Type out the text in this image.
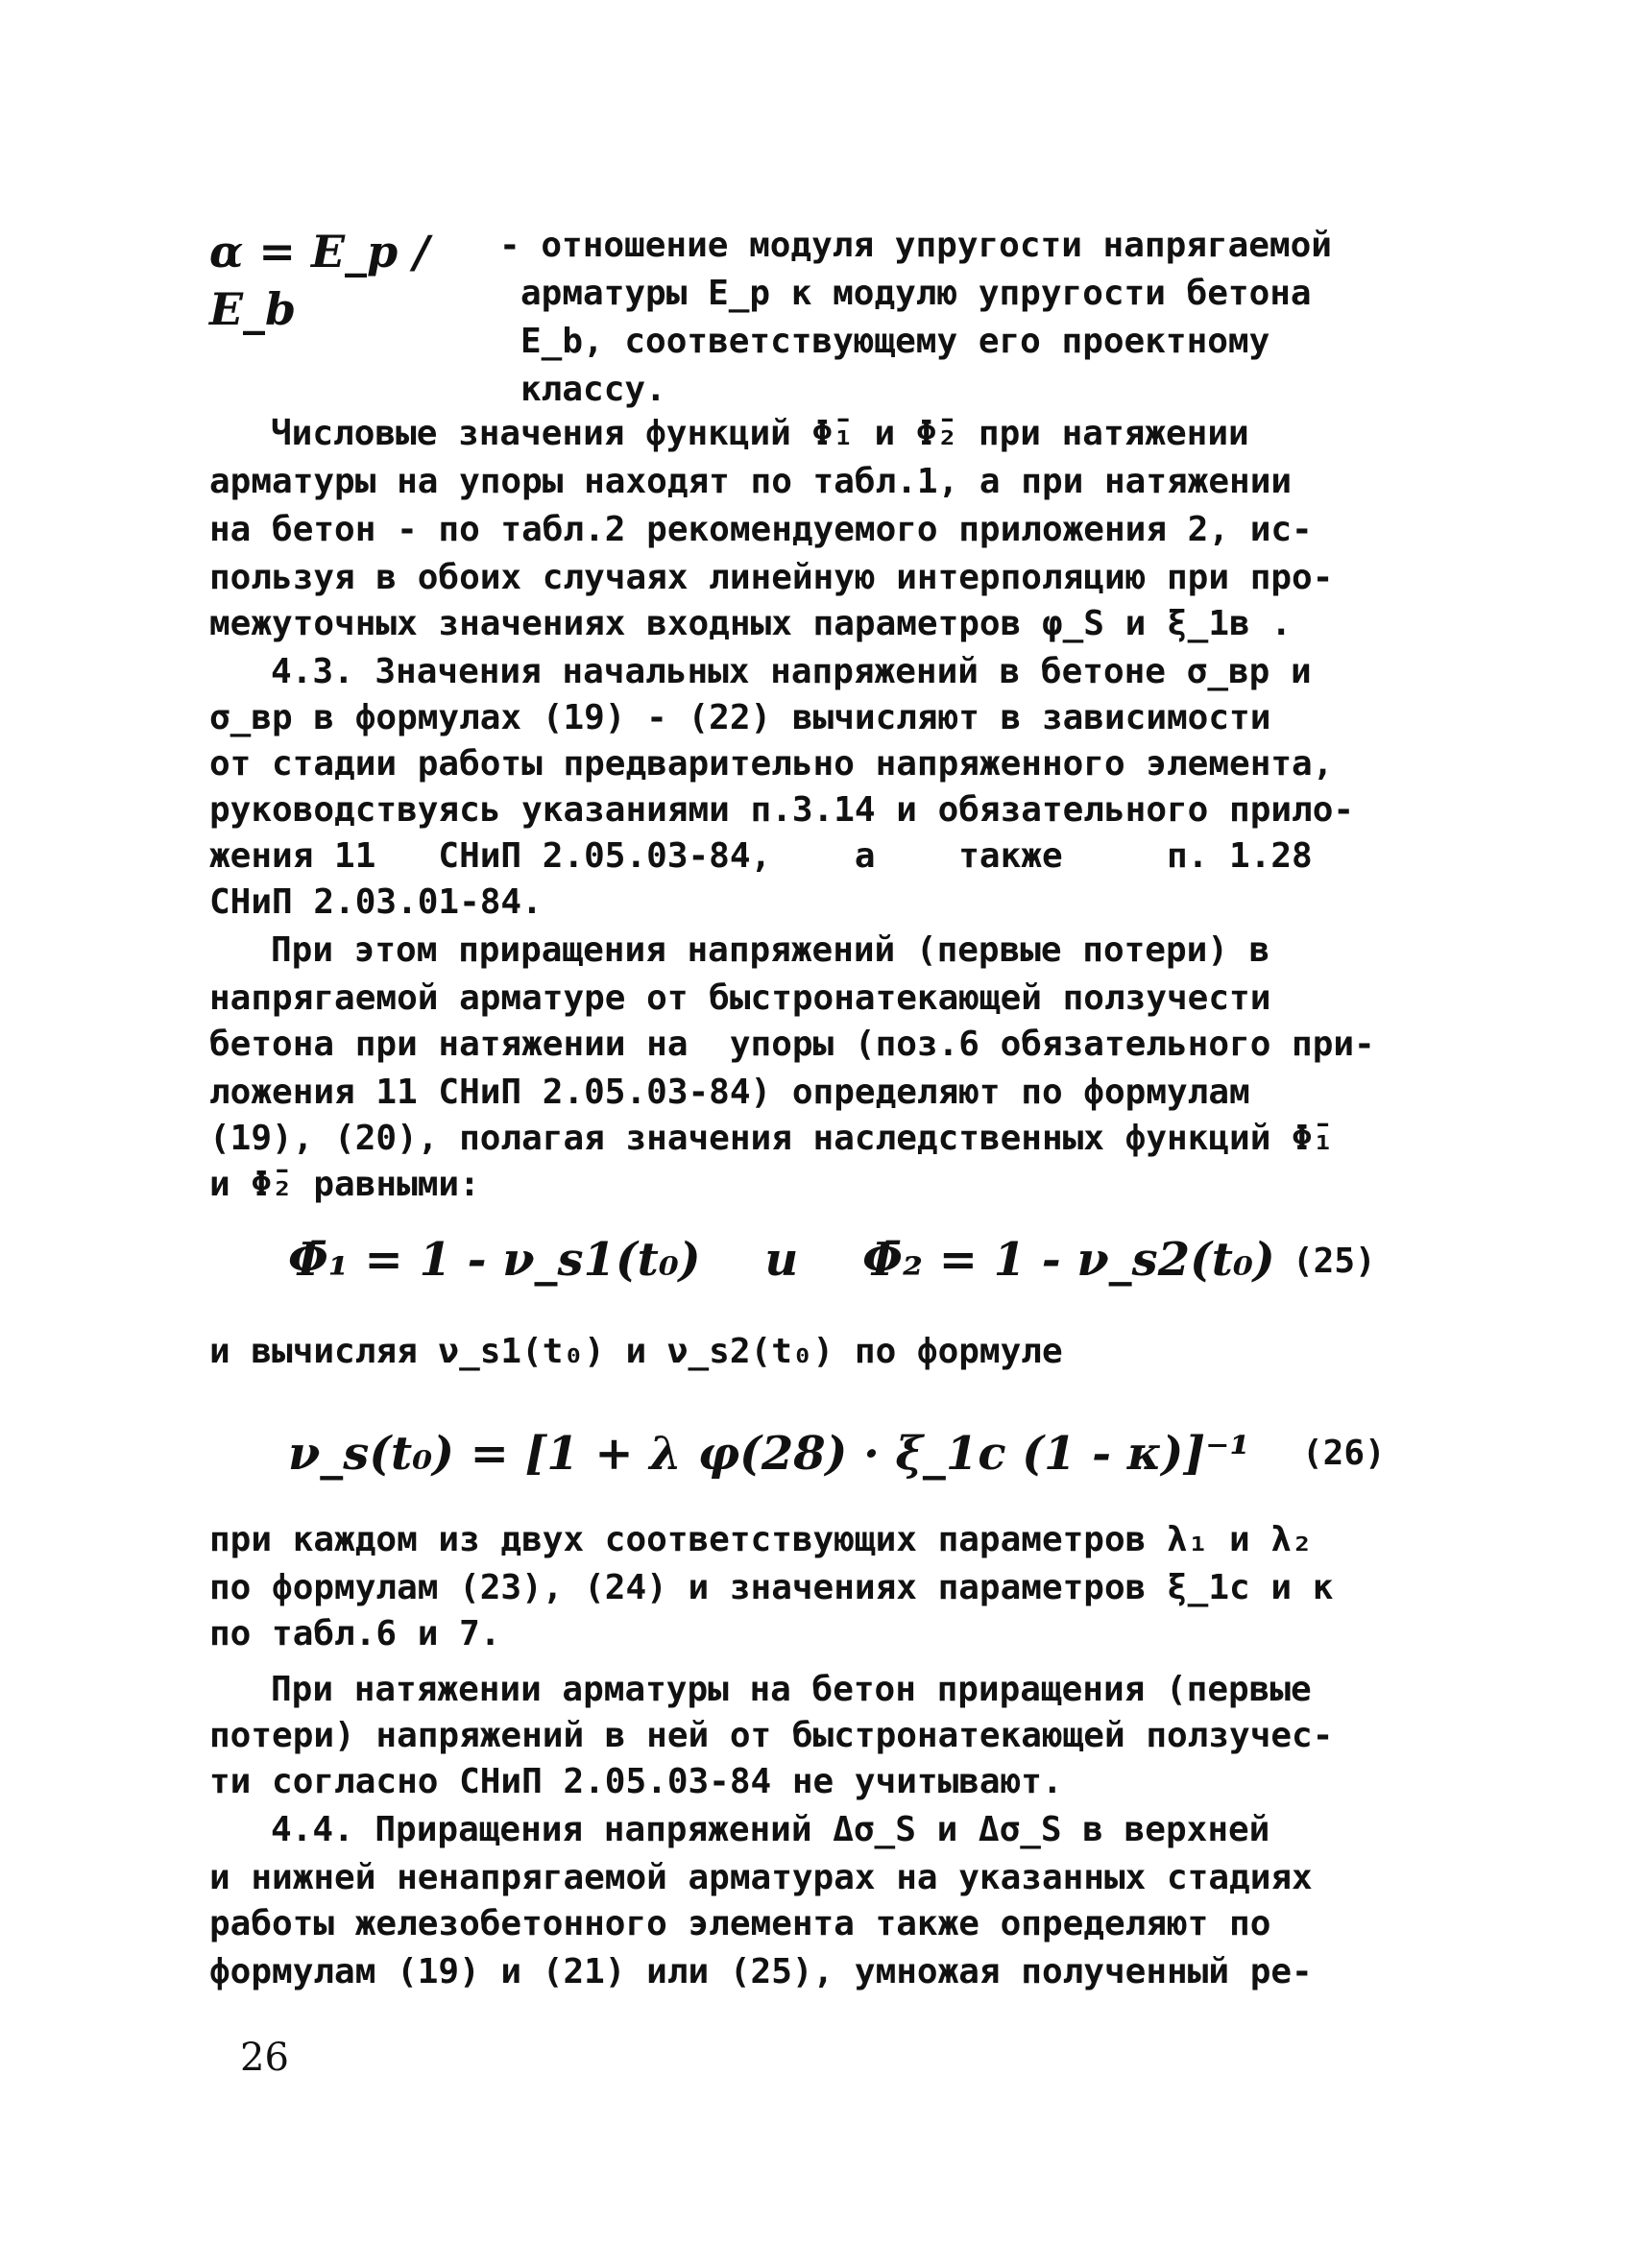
α = E_p / E_b
- отношение модуля упругости напрягаемой
арматуры E_p к модулю упругости бетона
E_b, соответствующему его проектному
классу.
Числовые значения функций Φ̄₁ и Φ̄₂ при натяжении
арматуры на упоры находят по табл.1, а при натяжении
на бетон - по табл.2 рекомендуемого приложения 2, ис-
пользуя в обоих случаях линейную интерполяцию при про-
межуточных значениях входных параметров φ_S и ξ_1в .
4.3. Значения начальных напряжений в бетоне σ_вр и
σ_вр в формулах (19) - (22) вычисляют в зависимости
от стадии работы предварительно напряженного элемента,
руководствуясь указаниями п.3.14 и обязательного прило-
жения 11   СНиП 2.05.03-84,    а    также     п. 1.28
СНиП 2.03.01-84.
При этом приращения напряжений (первые потери) в
напрягаемой арматуре от быстронатекающей ползучести
бетона при натяжении на  упоры (поз.6 обязательного при-
ложения 11 СНиП 2.05.03-84) определяют по формулам
(19), (20), полагая значения наследственных функций Φ̄₁
и Φ̄₂ равными:
Φ̄₁ = 1 - ν_s1(t₀)    и    Φ̄₂ = 1 - ν_s2(t₀) (25)
и вычисляя ν_s1(t₀) и ν_s2(t₀) по формуле
ν_s(t₀) = [1 + λ φ(28) · ξ_1c (1 - κ)]⁻¹ (26)
при каждом из двух соответствующих параметров λ₁ и λ₂
по формулам (23), (24) и значениях параметров ξ_1c и κ
по табл.6 и 7.
При натяжении арматуры на бетон приращения (первые
потери) напряжений в ней от быстронатекающей ползучес-
ти согласно СНиП 2.05.03-84 не учитывают.
4.4. Приращения напряжений Δσ_S и Δσ_S в верхней
и нижней ненапрягаемой арматурах на указанных стадиях
работы железобетонного элемента также определяют по
формулам (19) и (21) или (25), умножая полученный ре-
26
